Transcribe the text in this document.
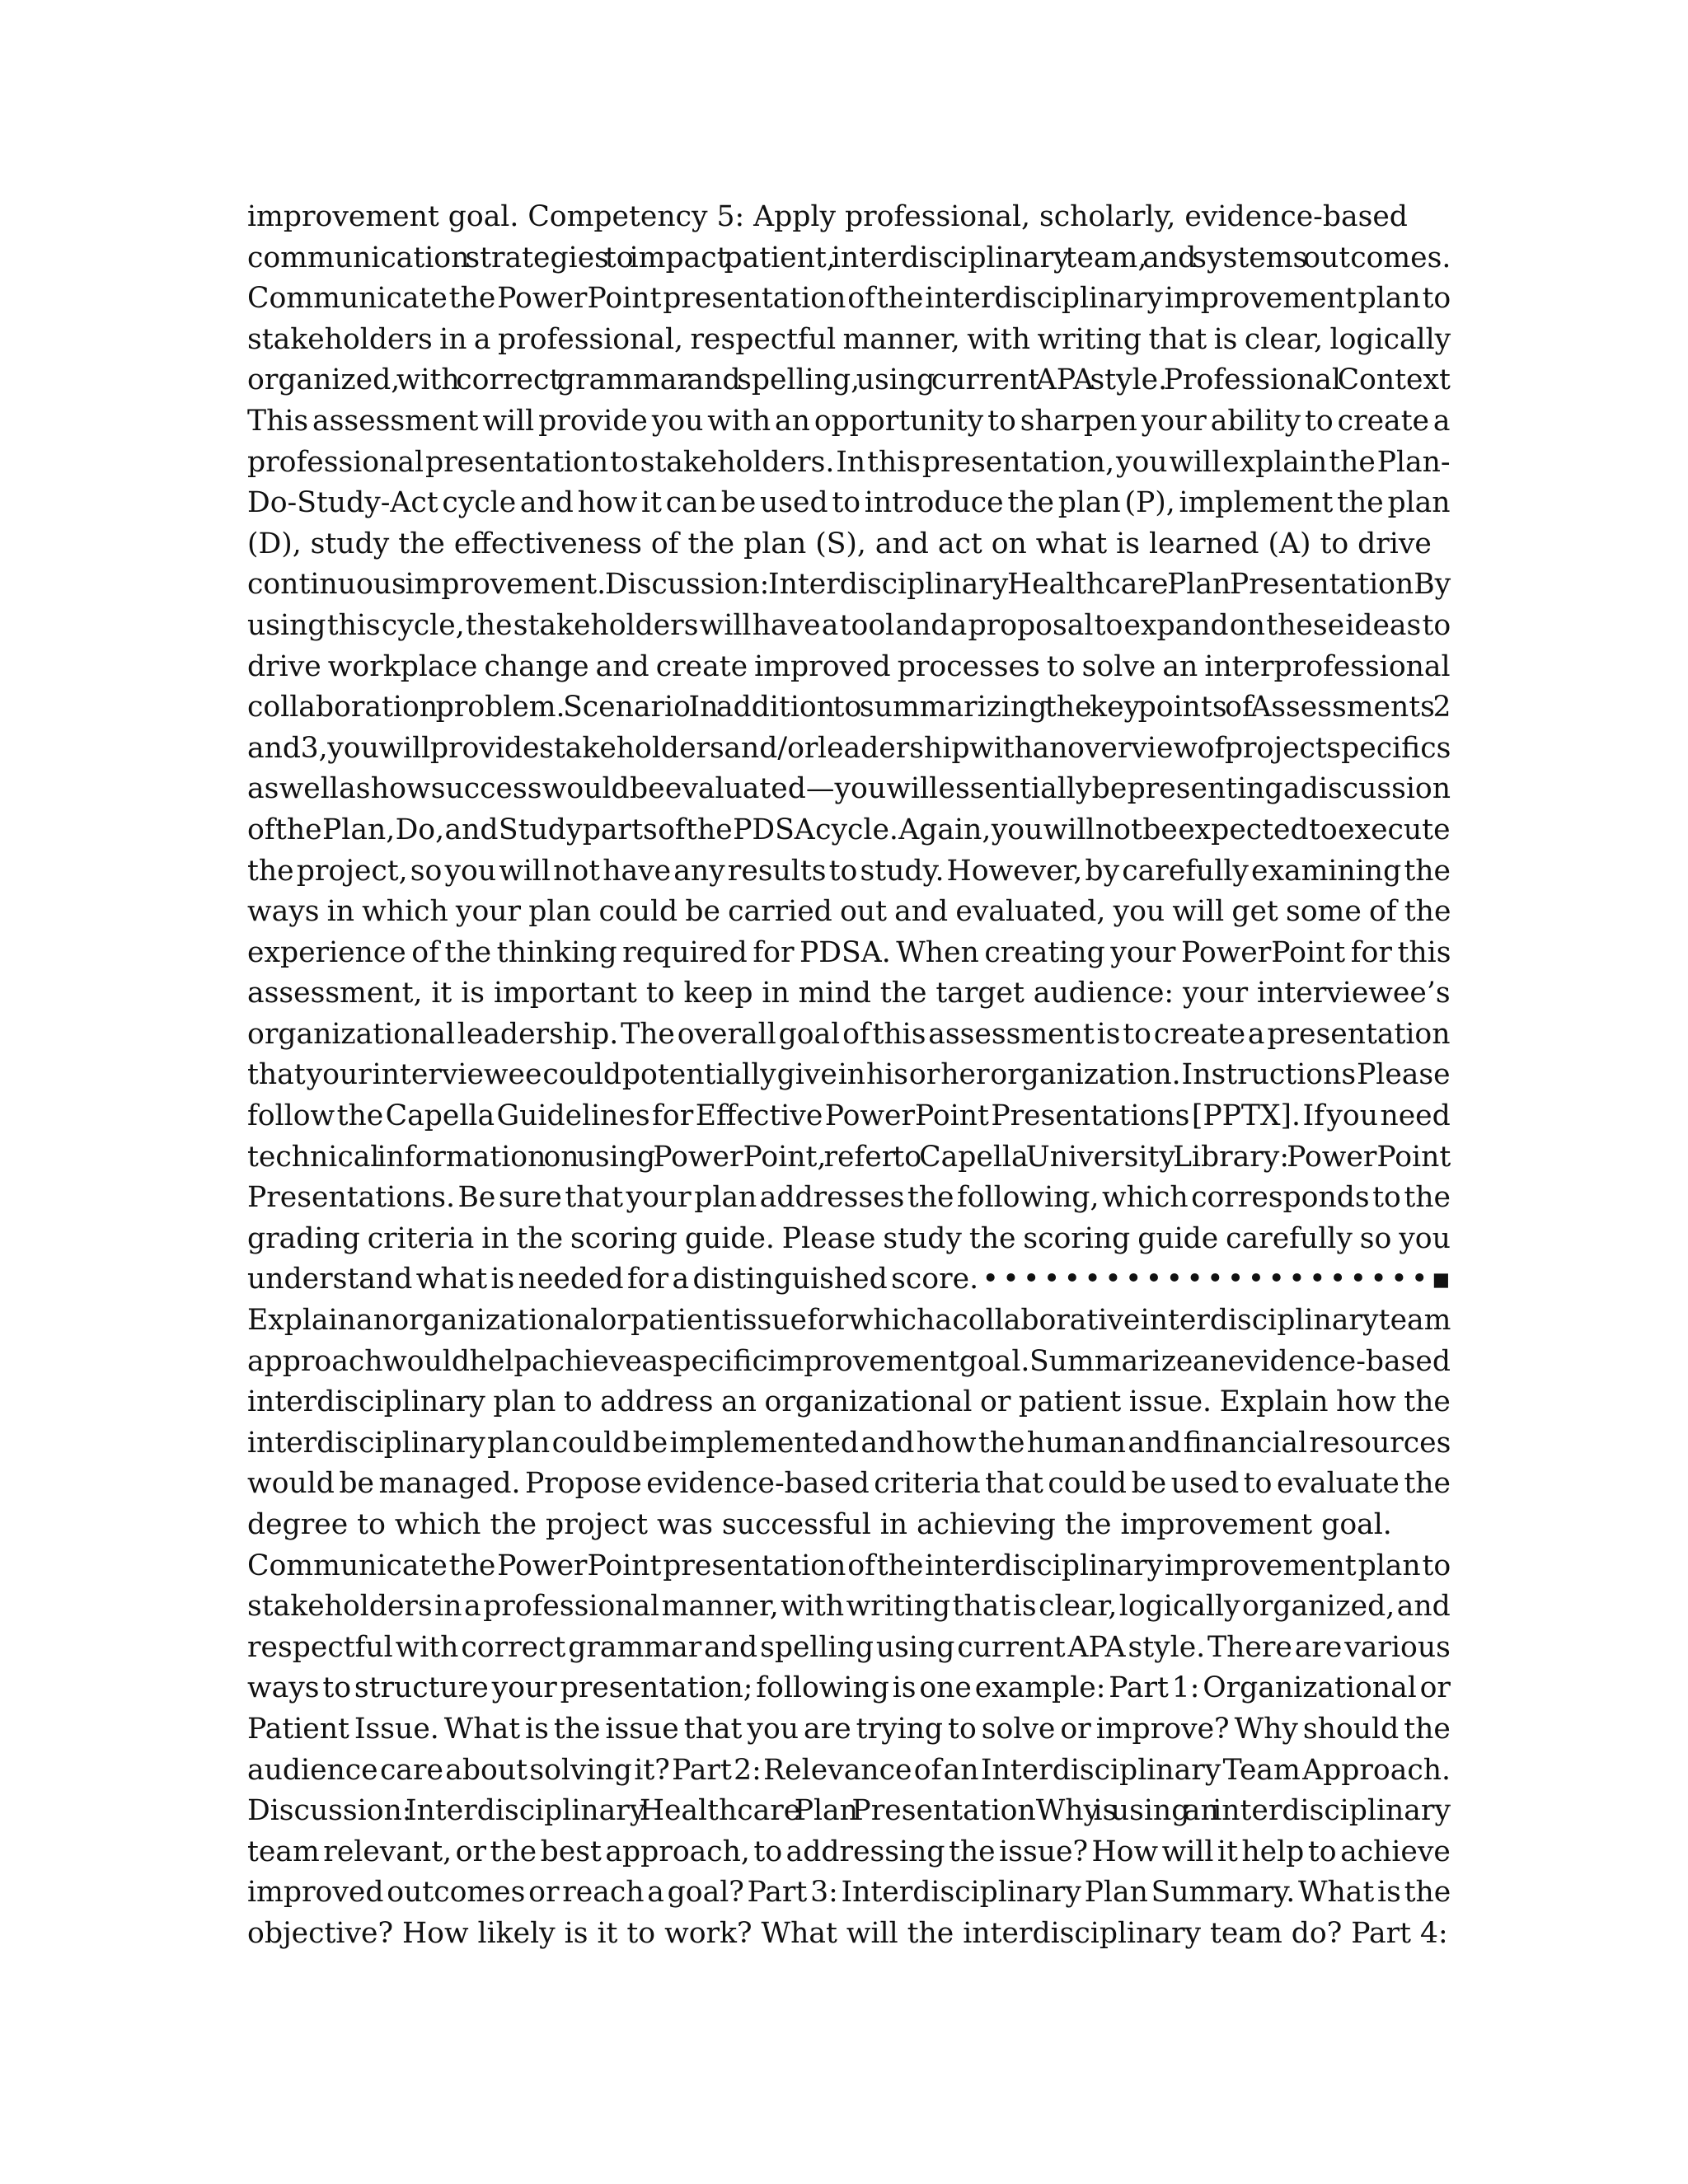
improvement goal. Competency 5: Apply professional, scholarly, evidence-based
communication strategies to impact patient, interdisciplinary team, and systems outcomes.
Communicate the PowerPoint presentation of the interdisciplinary improvement plan to
stakeholders in a professional, respectful manner, with writing that is clear, logically
organized, with correct grammar and spelling, using current APA style. Professional Context
This assessment will provide you with an opportunity to sharpen your ability to create a
professional presentation to stakeholders. In this presentation, you will explain the Plan-
Do-Study-Act cycle and how it can be used to introduce the plan (P), implement the plan
(D), study the effectiveness of the plan (S), and act on what is learned (A) to drive
continuous improvement. Discussion: Interdisciplinary Healthcare Plan PresentationBy
using this cycle, the stakeholders will have a tool and a proposal to expand on these ideas to
drive workplace change and create improved processes to solve an interprofessional
collaboration problem. Scenario In addition to summarizing the key points of Assessments 2
and 3, you will provide stakeholders and/or leadership with an overview of project specifics
as well as how success would be evaluated—you will essentially be presenting a discussion
of the Plan, Do, and Study parts of the PDSA cycle. Again, you will not be expected to execute
the project, so you will not have any results to study. However, by carefully examining the
ways in which your plan could be carried out and evaluated, you will get some of the
experience of the thinking required for PDSA. When creating your PowerPoint for this
assessment, it is important to keep in mind the target audience: your interviewee’s
organizational leadership. The overall goal of this assessment is to create a presentation
that your interviewee could potentially give in his or her organization. Instructions Please
follow the Capella Guidelines for Effective PowerPoint Presentations [PPTX]. If you need
technical information on using PowerPoint, refer to Capella University Library: PowerPoint
Presentations. Be sure that your plan addresses the following, which corresponds to the
grading criteria in the scoring guide. Please study the scoring guide carefully so you
understand what is needed for a distinguished score. • • • • • • • • • • • • • • • • • • • • • • ▪
Explain an organizational or patient issue for which a collaborative interdisciplinary team
approach would help achieve a specific improvement goal. Summarize an evidence-based
interdisciplinary plan to address an organizational or patient issue. Explain how the
interdisciplinary plan could be implemented and how the human and financial resources
would be managed. Propose evidence-based criteria that could be used to evaluate the
degree to which the project was successful in achieving the improvement goal.
Communicate the PowerPoint presentation of the interdisciplinary improvement plan to
stakeholders in a professional manner, with writing that is clear, logically organized, and
respectful with correct grammar and spelling using current APA style. There are various
ways to structure your presentation; following is one example: Part 1: Organizational or
Patient Issue. What is the issue that you are trying to solve or improve? Why should the
audience care about solving it? Part 2: Relevance of an Interdisciplinary Team Approach.
Discussion: Interdisciplinary Healthcare Plan PresentationWhy is using an interdisciplinary
team relevant, or the best approach, to addressing the issue? How will it help to achieve
improved outcomes or reach a goal? Part 3: Interdisciplinary Plan Summary. What is the
objective? How likely is it to work? What will the interdisciplinary team do? Part 4:
